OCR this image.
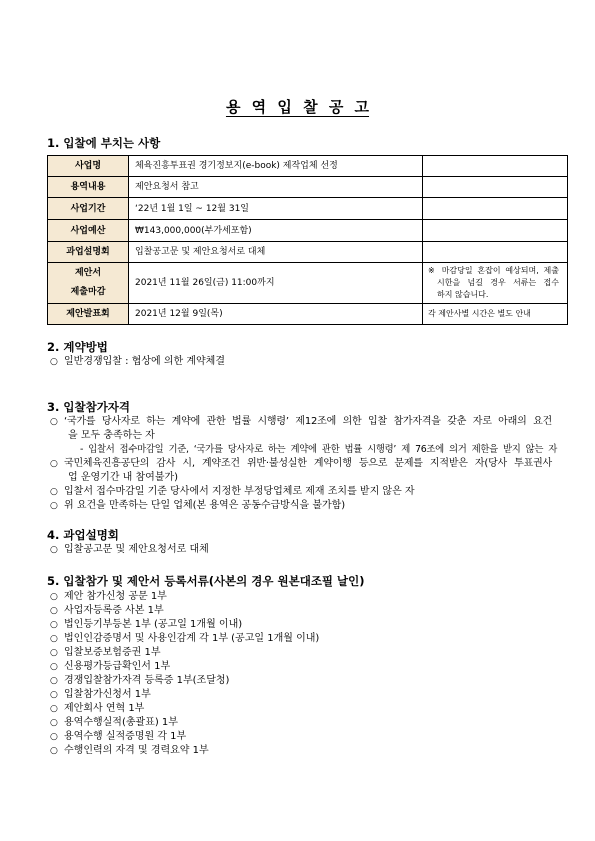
용 역 입 찰 공 고
1. 입찰에 부치는 사항
사업명	체육진흥투표권 경기정보지(e-book) 제작업체 선정	
용역내용	제안요청서 참고	
사업기간	‘22년 1월 1일 ~ 12월 31일	
사업예산	₩143,000,000(부가세포함)	
과업설명회	입찰공고문 및 제안요청서로 대체	

제안서
제출마감	2021년 11월 26일(금) 11:00까지	※ 마감당일 혼잡이 예상되며, 제출
시한을 넘길 경우 서류는 접수
하지 않습니다.

제안발표회	2021년 12월 9일(목)	각 제안사별 시간은 별도 안내
2. 계약방법
○ 일반경쟁입찰 : 협상에 의한 계약체결
3. 입찰참가자격
○ ‘국가를 당사자로 하는 계약에 관한 법률 시행령’ 제12조에 의한 입찰 참가자격을 갖춘 자로 아래의 요건
을 모두 충족하는 자
- 입찰서 접수마감일 기준, ‘국가를 당사자로 하는 계약에 관한 법률 시행령’ 제 76조에 의거 제한을 받지 않는 자
○ 국민체육진흥공단의 감사 시, 계약조건 위반·불성실한 계약이행 등으로 문제를 지적받은 자(당사 투표권사
업 운영기간 내 참여불가)
○ 입찰서 접수마감일 기준 당사에서 지정한 부정당업체로 제재 조치를 받지 않은 자
○ 위 요건을 만족하는 단일 업체(본 용역은 공동수급방식을 불가함)
4. 과업설명회
○ 입찰공고문 및 제안요청서로 대체
5. 입찰참가 및 제안서 등록서류(사본의 경우 원본대조필 날인)
○ 제안 참가신청 공문 1부
○ 사업자등록증 사본 1부
○ 법인등기부등본 1부 (공고일 1개월 이내)
○ 법인인감증명서 및 사용인감계 각 1부 (공고일 1개월 이내)
○ 입찰보증보험증권 1부
○ 신용평가등급확인서 1부
○ 경쟁입찰참가자격 등록증 1부(조달청)
○ 입찰참가신청서 1부
○ 제안회사 연혁 1부
○ 용역수행실적(총괄표) 1부
○ 용역수행 실적증명원 각 1부
○ 수행인력의 자격 및 경력요약 1부
